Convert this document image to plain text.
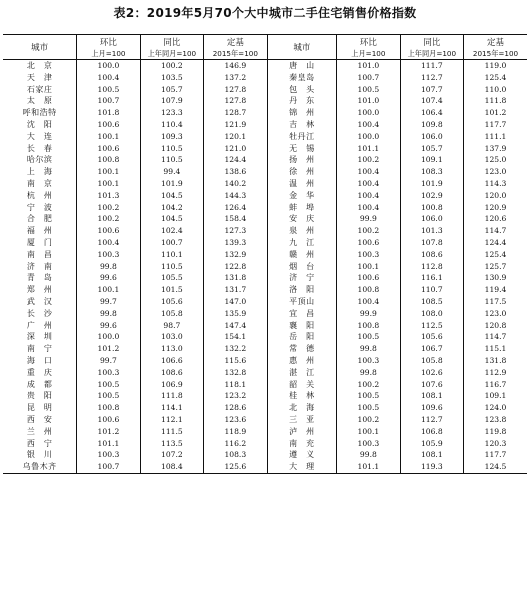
表2：2019年5月70个大中城市二手住宅销售价格指数
城市	环比	同比	定基	城市	环比	同比	定基
	上月=100	上年同月=100	2015年=100		上月=100	上年同月=100	2015年=100
北　京	100.0	100.2	146.9	唐　山	101.0	111.7	119.0
天　津	100.4	103.5	137.2	秦皇岛	100.7	112.7	125.4
石家庄	100.5	105.7	127.8	包　头	100.5	107.7	110.0
太　原	100.7	107.9	127.8	丹　东	101.0	107.4	111.8
呼和浩特	101.8	123.3	128.7	锦　州	100.0	106.4	101.2
沈　阳	100.6	110.4	121.9	吉　林	100.4	109.8	117.7
大　连	100.1	109.3	120.1	牡丹江	100.0	106.0	111.1
长　春	100.6	110.5	121.0	无　锡	101.1	105.7	137.9
哈尔滨	100.8	110.5	124.4	扬　州	100.2	109.1	125.0
上　海	100.1	99.4	138.6	徐　州	100.4	108.3	123.0
南　京	100.1	101.9	140.2	温　州	100.4	101.9	114.3
杭　州	101.3	104.5	144.3	金　华	100.4	102.9	120.0
宁　波	100.2	104.2	126.4	蚌　埠	100.4	100.8	120.9
合　肥	100.2	104.5	158.4	安　庆	99.9	106.0	120.6
福　州	100.6	102.4	127.3	泉　州	100.2	101.3	114.7
厦　门	100.4	100.7	139.3	九　江	100.6	107.8	124.4
南　昌	100.3	110.1	132.9	赣　州	100.3	108.6	125.4
济　南	99.8	110.5	122.8	烟　台	100.1	112.8	125.7
青　岛	99.6	105.5	131.8	济　宁	100.6	116.1	130.9
郑　州	100.1	101.5	131.7	洛　阳	100.8	110.7	119.4
武　汉	99.7	105.6	147.0	平顶山	100.4	108.5	117.5
长　沙	99.8	105.8	135.9	宜　昌	99.9	108.0	123.0
广　州	99.6	98.7	147.4	襄　阳	100.8	112.5	120.8
深　圳	100.0	103.0	154.1	岳　阳	100.5	105.6	114.7
南　宁	101.2	113.0	132.2	常　德	99.8	106.7	115.1
海　口	99.7	106.6	115.6	惠　州	100.3	105.8	131.8
重　庆	100.3	108.6	132.8	湛　江	99.8	102.6	112.9
成　都	100.5	106.9	118.1	韶　关	100.2	107.6	116.7
贵　阳	100.5	111.8	123.2	桂　林	100.5	108.1	109.1
昆　明	100.8	114.1	128.6	北　海	100.5	109.6	124.0
西　安	100.6	112.1	123.6	三　亚	100.2	112.7	123.8
兰　州	101.2	111.5	118.9	泸　州	100.1	106.8	119.8
西　宁	101.1	113.5	116.2	南　充	100.3	105.9	120.3
银　川	100.3	107.2	108.3	遵　义	99.8	108.1	117.7
乌鲁木齐	100.7	108.4	125.6	大　理	101.1	119.3	124.5
